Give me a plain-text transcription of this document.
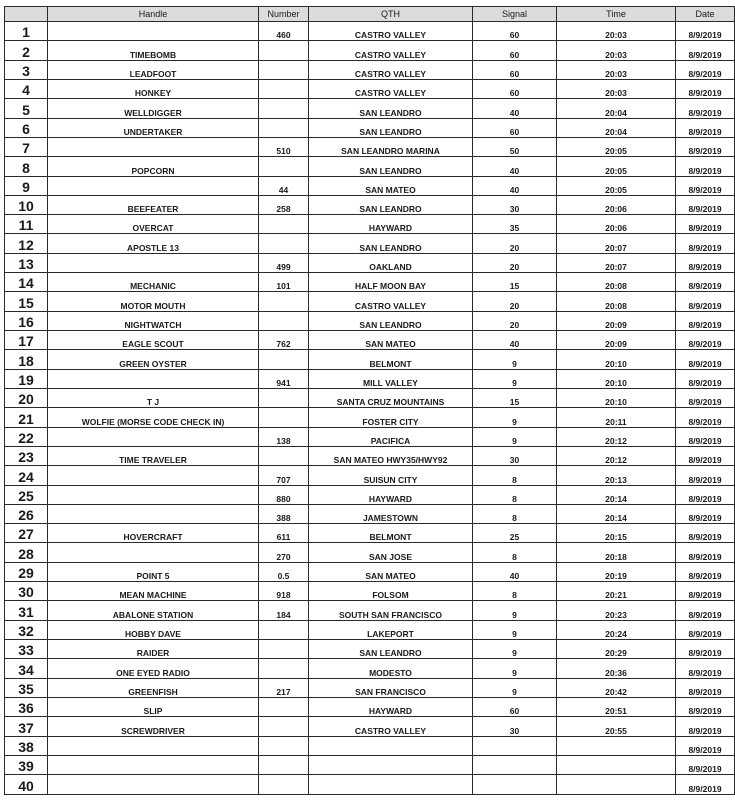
	Handle	Number	QTH	Signal	Time	Date
1		460	CASTRO VALLEY	60	20:03	8/9/2019
2	TIMEBOMB		CASTRO VALLEY	60	20:03	8/9/2019
3	LEADFOOT		CASTRO VALLEY	60	20:03	8/9/2019
4	HONKEY		CASTRO VALLEY	60	20:03	8/9/2019
5	WELLDIGGER		SAN LEANDRO	40	20:04	8/9/2019
6	UNDERTAKER		SAN LEANDRO	60	20:04	8/9/2019
7		510	SAN LEANDRO MARINA	50	20:05	8/9/2019
8	POPCORN		SAN LEANDRO	40	20:05	8/9/2019
9		44	SAN MATEO	40	20:05	8/9/2019
10	BEEFEATER	258	SAN LEANDRO	30	20:06	8/9/2019
11	OVERCAT		HAYWARD	35	20:06	8/9/2019
12	APOSTLE 13		SAN LEANDRO	20	20:07	8/9/2019
13		499	OAKLAND	20	20:07	8/9/2019
14	MECHANIC	101	HALF MOON BAY	15	20:08	8/9/2019
15	MOTOR MOUTH		CASTRO VALLEY	20	20:08	8/9/2019
16	NIGHTWATCH		SAN LEANDRO	20	20:09	8/9/2019
17	EAGLE SCOUT	762	SAN MATEO	40	20:09	8/9/2019
18	GREEN OYSTER		BELMONT	9	20:10	8/9/2019
19		941	MILL VALLEY	9	20:10	8/9/2019
20	T J		SANTA CRUZ MOUNTAINS	15	20:10	8/9/2019
21	WOLFIE (MORSE CODE CHECK IN)		FOSTER CITY	9	20:11	8/9/2019
22		138	PACIFICA	9	20:12	8/9/2019
23	TIME TRAVELER		SAN MATEO HWY35/HWY92	30	20:12	8/9/2019
24		707	SUISUN CITY	8	20:13	8/9/2019
25		880	HAYWARD	8	20:14	8/9/2019
26		388	JAMESTOWN	8	20:14	8/9/2019
27	HOVERCRAFT	611	BELMONT	25	20:15	8/9/2019
28		270	SAN JOSE	8	20:18	8/9/2019
29	POINT 5	0.5	SAN MATEO	40	20:19	8/9/2019
30	MEAN MACHINE	918	FOLSOM	8	20:21	8/9/2019
31	ABALONE STATION	184	SOUTH SAN FRANCISCO	9	20:23	8/9/2019
32	HOBBY DAVE		LAKEPORT	9	20:24	8/9/2019
33	RAIDER		SAN LEANDRO	9	20:29	8/9/2019
34	ONE EYED RADIO		MODESTO	9	20:36	8/9/2019
35	GREENFISH	217	SAN FRANCISCO	9	20:42	8/9/2019
36	SLIP		HAYWARD	60	20:51	8/9/2019
37	SCREWDRIVER		CASTRO VALLEY	30	20:55	8/9/2019
38						8/9/2019
39						8/9/2019
40						8/9/2019
